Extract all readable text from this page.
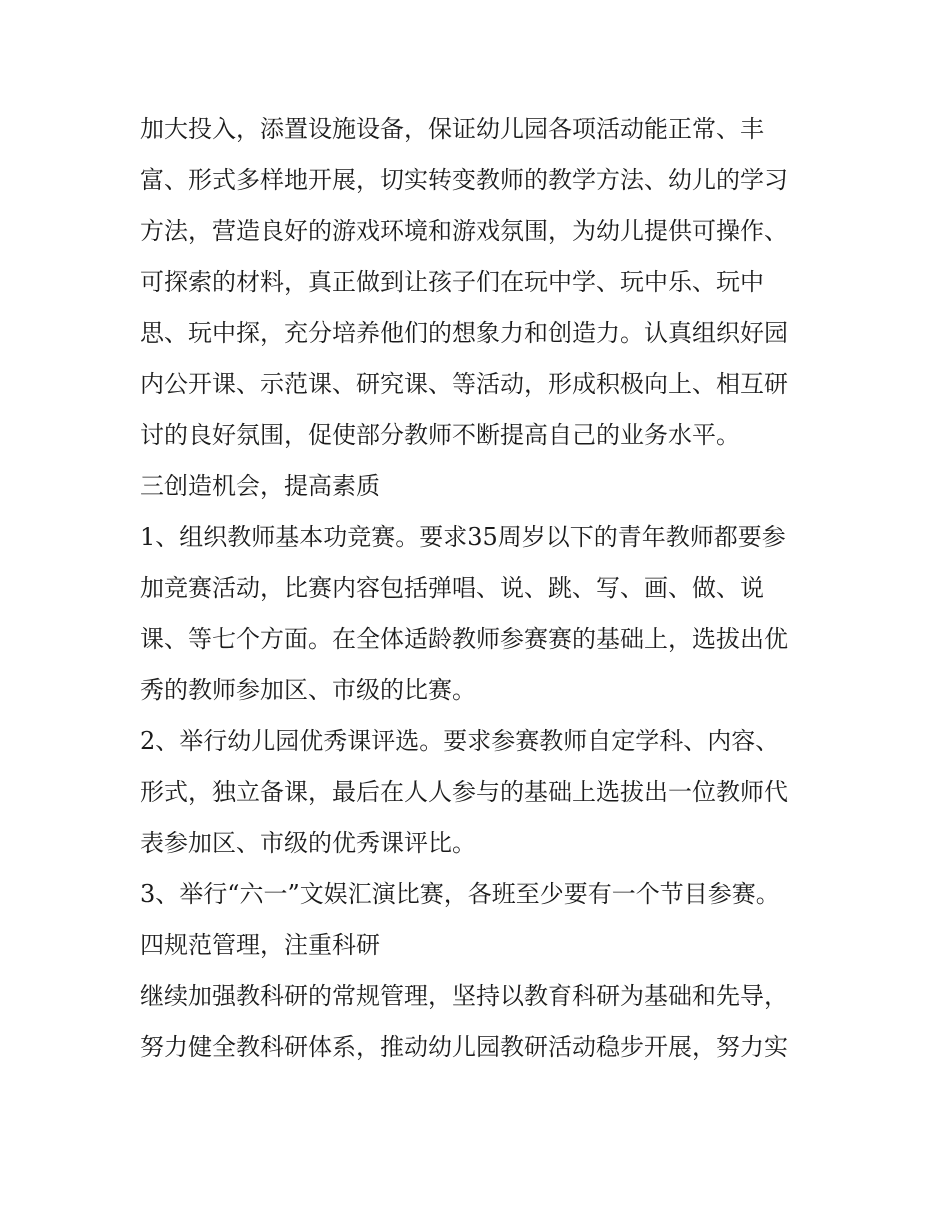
加大投入，添置设施设备，保证幼儿园各项活动能正常、丰
富、形式多样地开展，切实转变教师的教学方法、幼儿的学习
方法，营造良好的游戏环境和游戏氛围，为幼儿提供可操作、
可探索的材料，真正做到让孩子们在玩中学、玩中乐、玩中
思、玩中探，充分培养他们的想象力和创造力。认真组织好园
内公开课、示范课、研究课、等活动，形成积极向上、相互研
讨的良好氛围，促使部分教师不断提高自己的业务水平。
三创造机会，提高素质
1、组织教师基本功竞赛。要求35周岁以下的青年教师都要参
加竞赛活动，比赛内容包括弹唱、说、跳、写、画、做、说
课、等七个方面。在全体适龄教师参赛赛的基础上，选拔出优
秀的教师参加区、市级的比赛。
2、举行幼儿园优秀课评选。要求参赛教师自定学科、内容、
形式，独立备课，最后在人人参与的基础上选拔出一位教师代
表参加区、市级的优秀课评比。
3、举行“六一”文娱汇演比赛，各班至少要有一个节目参赛。
四规范管理，注重科研
继续加强教科研的常规管理，坚持以教育科研为基础和先导，
努力健全教科研体系，推动幼儿园教研活动稳步开展，努力实
